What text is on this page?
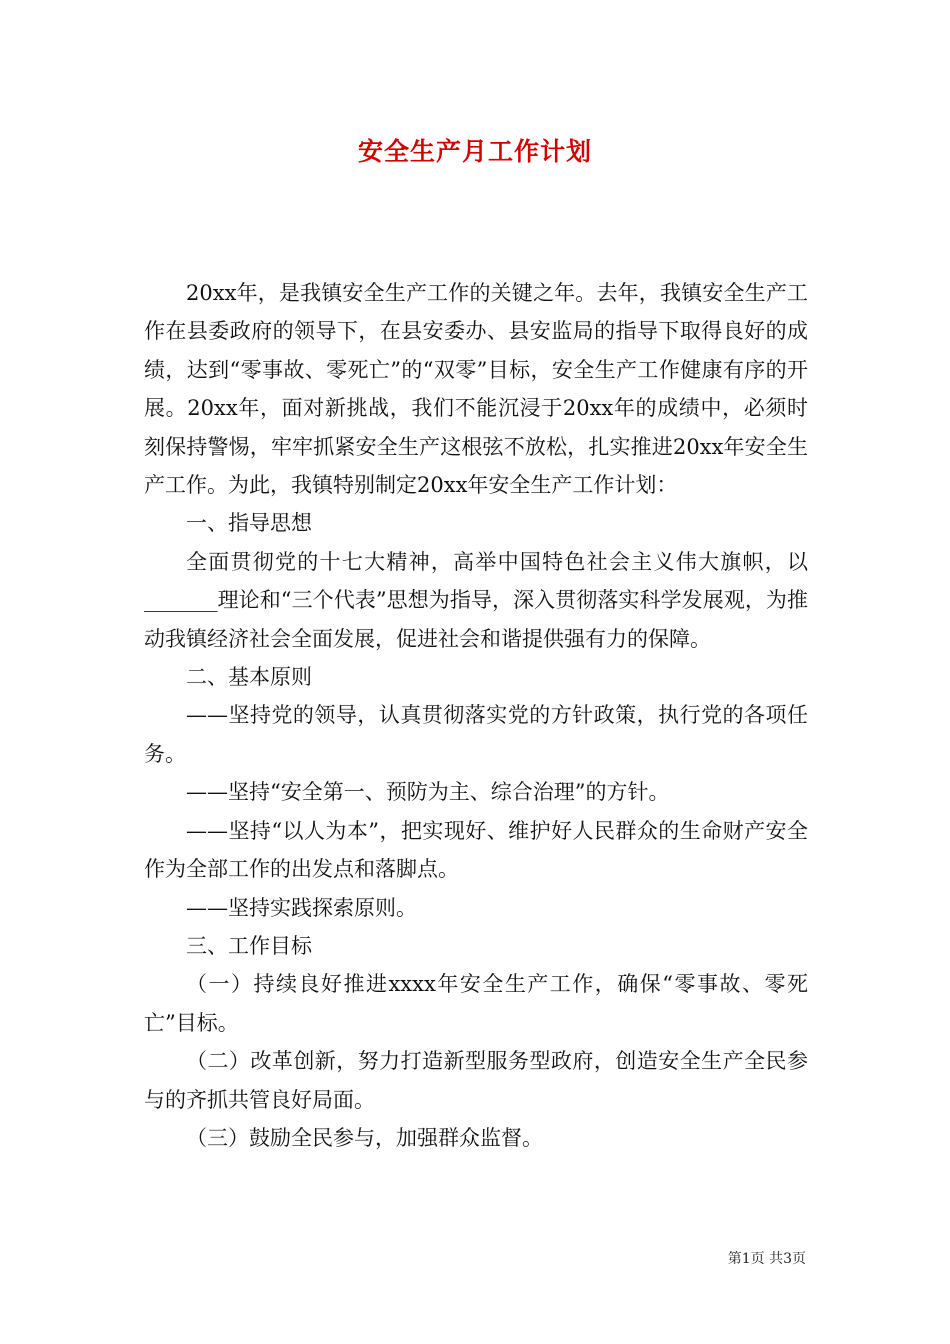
安全生产月工作计划

20xx年，是我镇安全生产工作的关键之年。去年，我镇安全生产工作在县委政府的领导下，在县安委办、县安监局的指导下取得良好的成绩，达到“零事故、零死亡”的“双零”目标，安全生产工作健康有序的开展。20xx年，面对新挑战，我们不能沉浸于20xx年的成绩中，必须时刻保持警惕，牢牢抓紧安全生产这根弦不放松，扎实推进20xx年安全生产工作。为此，我镇特别制定20xx年安全生产工作计划：

一、指导思想

全面贯彻党的十七大精神，高举中国特色社会主义伟大旗帜，以_______理论和“三个代表”思想为指导，深入贯彻落实科学发展观，为推动我镇经济社会全面发展，促进社会和谐提供强有力的保障。

二、基本原则

——坚持党的领导，认真贯彻落实党的方针政策，执行党的各项任务。

——坚持“安全第一、预防为主、综合治理”的方针。

——坚持“以人为本”，把实现好、维护好人民群众的生命财产安全作为全部工作的出发点和落脚点。

——坚持实践探索原则。

三、工作目标

（一）持续良好推进xxxx年安全生产工作，确保“零事故、零死亡”目标。

（二）改革创新，努力打造新型服务型政府，创造安全生产全民参与的齐抓共管良好局面。

（三）鼓励全民参与，加强群众监督。

第1页 共3页
